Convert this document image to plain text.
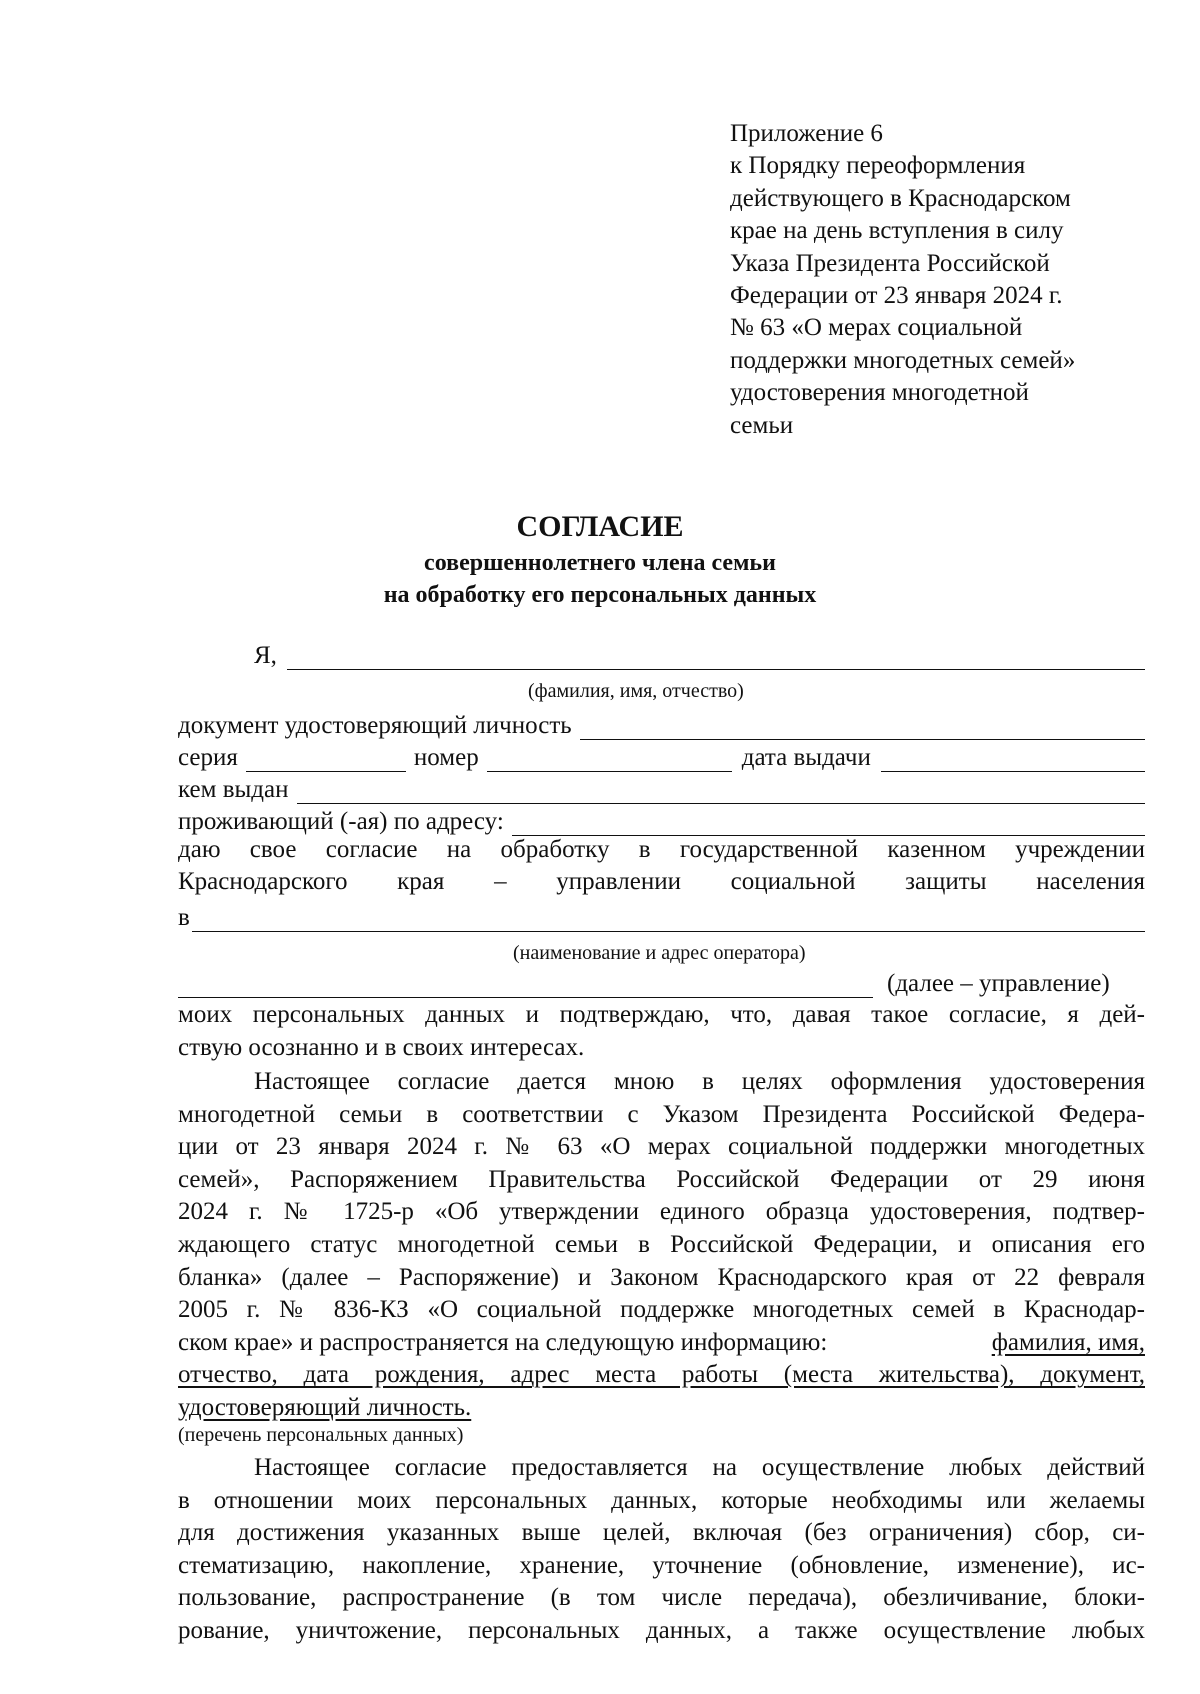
Приложение 6
к Порядку переоформления
действующего в Краснодарском
крае на день вступления в силу
Указа Президента Российской
Федерации от 23 января 2024 г.
№ 63 «О мерах социальной
поддержки многодетных семей»
удостоверения многодетной
семьи
СОГЛАСИЕ
совершеннолетнего члена семьи
на обработку его персональных данных
Я,
(фамилия, имя, отчество)
документ удостоверяющий личность
серия	номер	дата выдачи
кем выдан
проживающий (-ая) по адресу:
даю свое согласие на обработку в государственной казенном учреждении
Краснодарского края – управлении социальной защиты населения
в
(наименование и адрес оператора)
(далее – управление)
моих персональных данных и подтверждаю, что, давая такое согласие, я дей-
ствую осознанно и в своих интересах.
Настоящее согласие дается мною в целях оформления удостоверения
многодетной семьи в соответствии с Указом Президента Российской Федера-
ции от 23 января 2024 г. № 63 «О мерах социальной поддержки многодетных
семей», Распоряжением Правительства Российской Федерации от 29 июня
2024 г. № 1725-р «Об утверждении единого образца удостоверения, подтвер-
ждающего статус многодетной семьи в Российской Федерации, и описания его
бланка» (далее – Распоряжение) и Законом Краснодарского края от 22 февраля
2005 г. № 836-КЗ «О социальной поддержке многодетных семей в Краснодар-
ском крае» и распространяется на следующую информацию:	фамилия, имя,
отчество, дата рождения, адрес места работы (места жительства), документ,
удостоверяющий личность.
(перечень персональных данных)
Настоящее согласие предоставляется на осуществление любых действий
в отношении моих персональных данных, которые необходимы или желаемы
для достижения указанных выше целей, включая (без ограничения) сбор, си-
стематизацию, накопление, хранение, уточнение (обновление, изменение), ис-
пользование, распространение (в том числе передача), обезличивание, блоки-
рование, уничтожение, персональных данных, а также осуществление любых
